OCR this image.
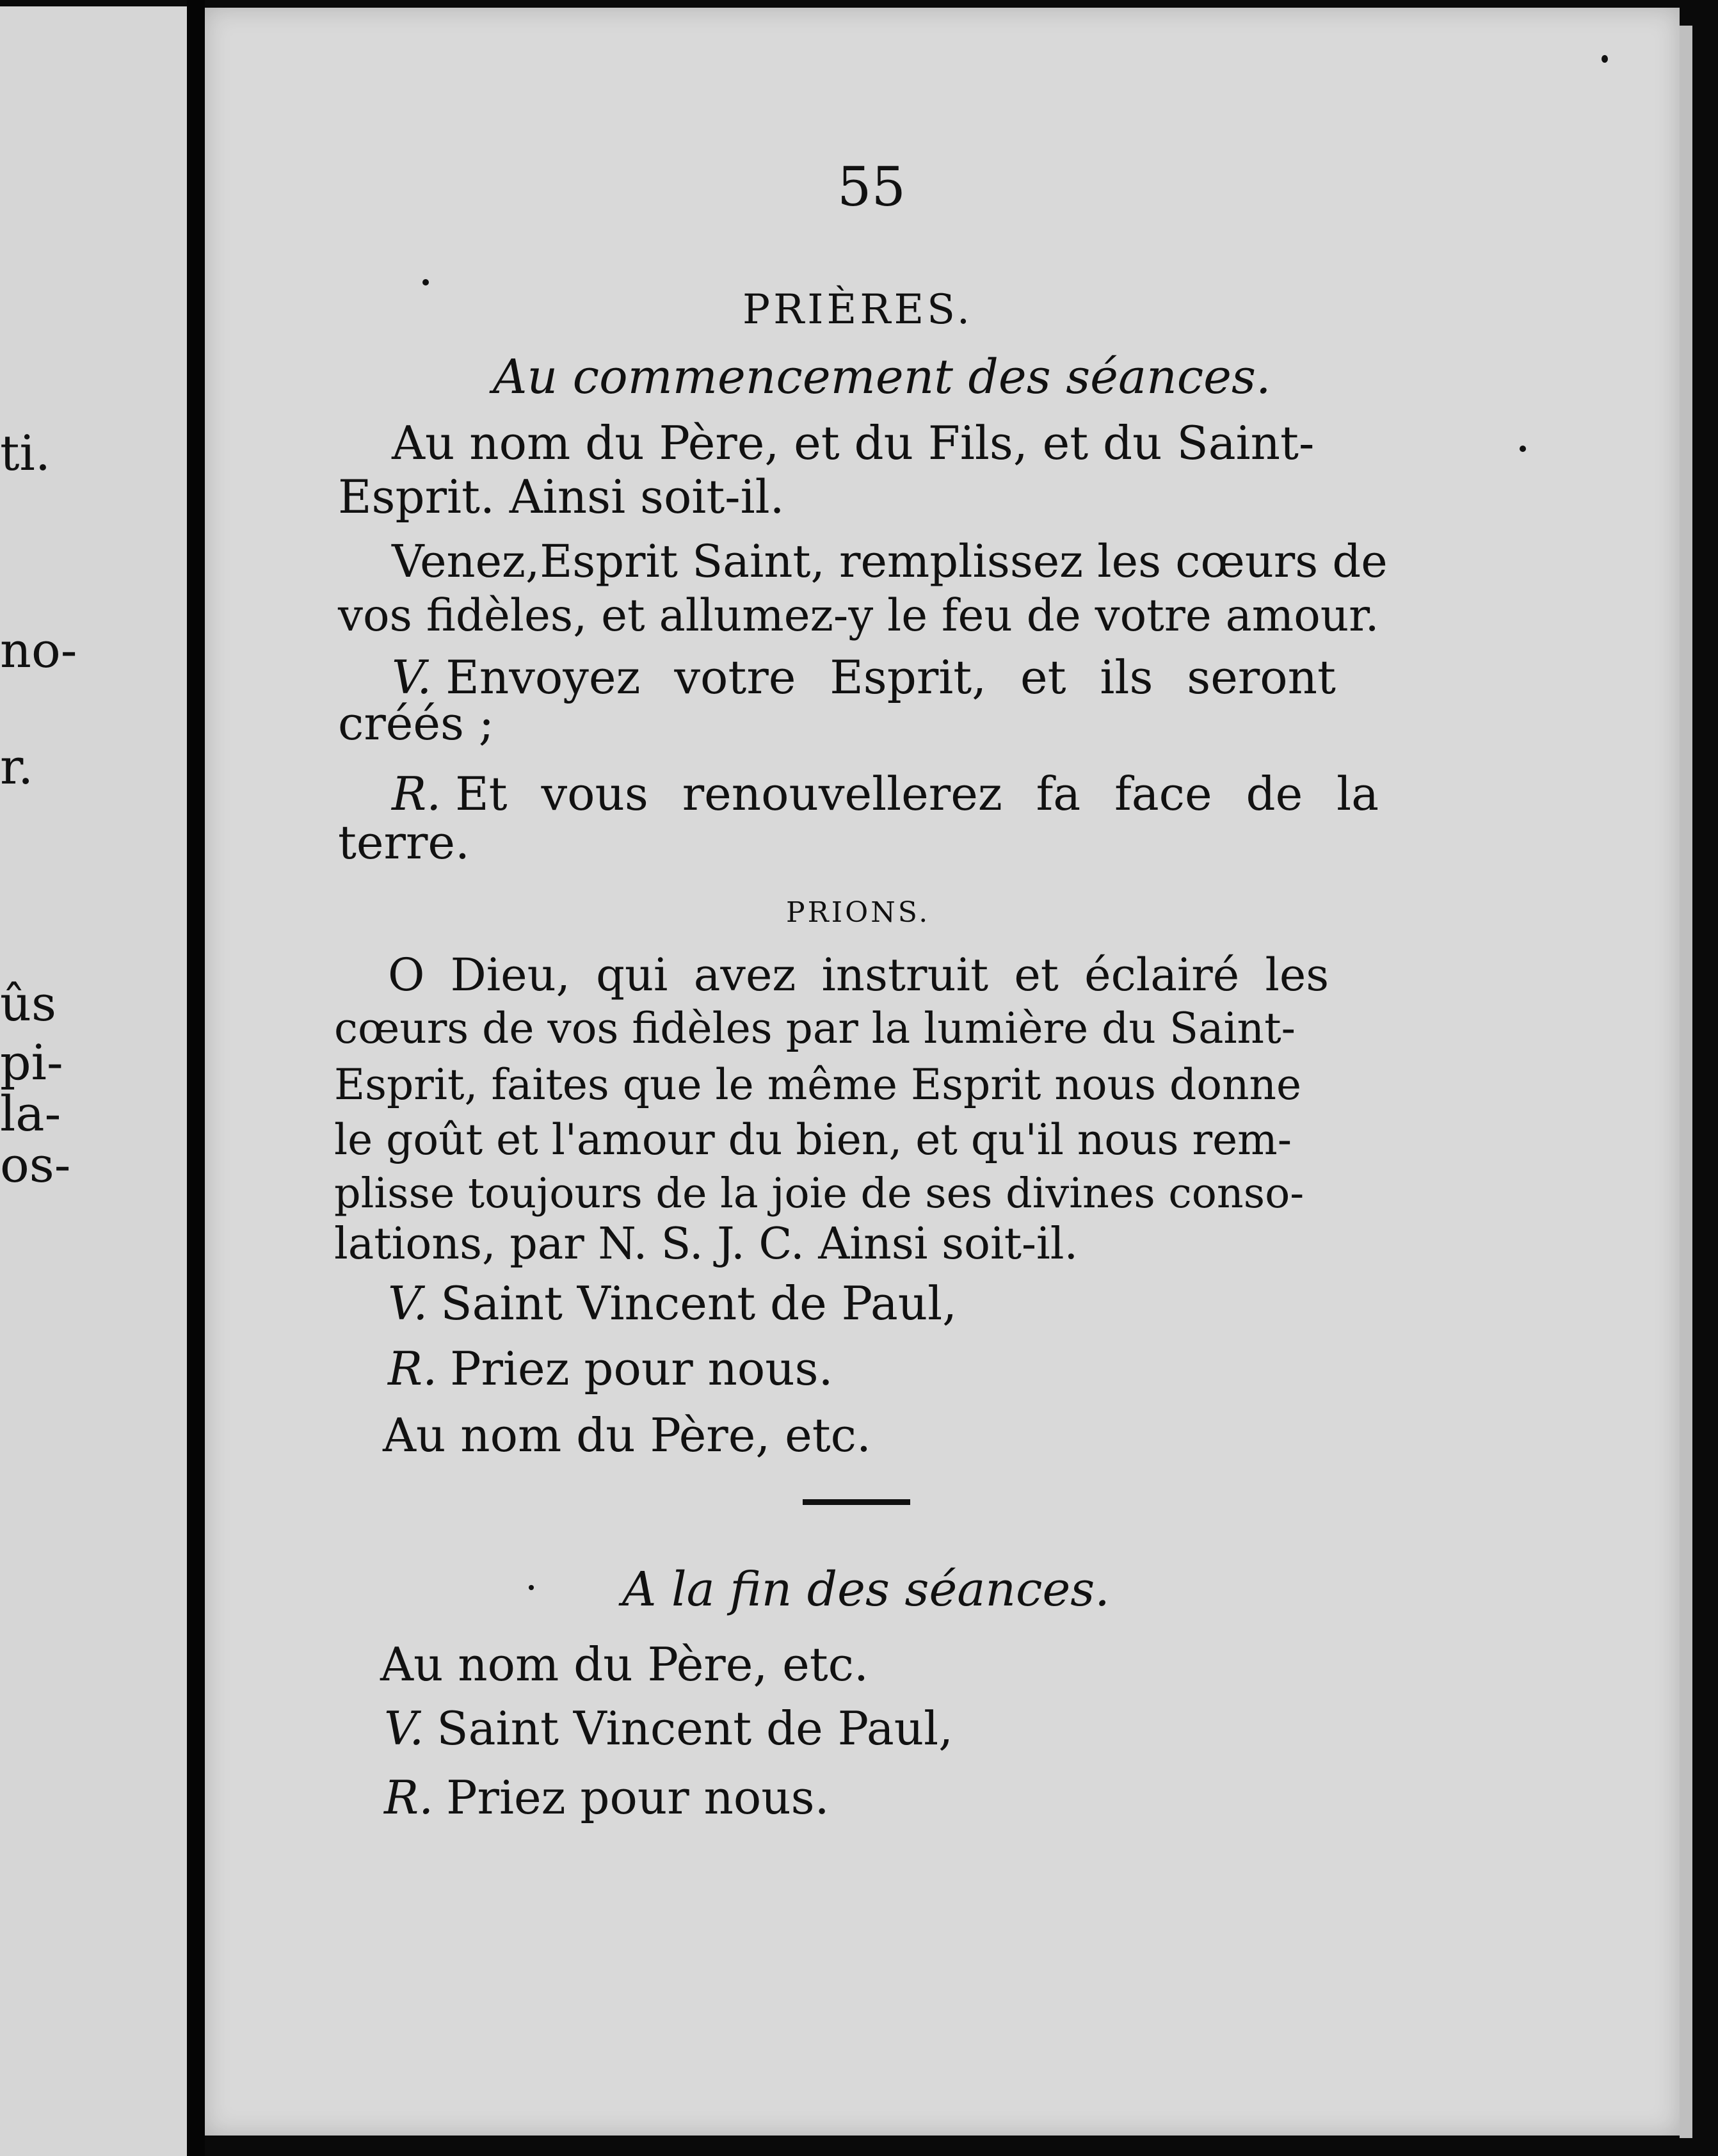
ti.
no-
r.
ûs
pi-
la-
os-
55
PRIÈRES.
Au commencement des séances.
Au nom du Père, et du Fils, et du Saint-
Esprit. Ainsi soit-il.
Venez,Esprit Saint, remplissez les cœurs de
vos fidèles, et allumez-y le feu de votre amour.
V. Envoyez votre Esprit, et ils seront
créés ;
R. Et vous renouvellerez fa face de la
terre.
PRIONS.
O Dieu, qui avez instruit et éclairé les
cœurs de vos fidèles par la lumière du Saint-
Esprit, faites que le même Esprit nous donne
le goût et l'amour du bien, et qu'il nous rem-
plisse toujours de la joie de ses divines conso-
lations, par N. S. J. C. Ainsi soit-il.
V. Saint Vincent de Paul,
R. Priez pour nous.
Au nom du Père, etc.
A la fin des séances.
Au nom du Père, etc.
V. Saint Vincent de Paul,
R. Priez pour nous.
